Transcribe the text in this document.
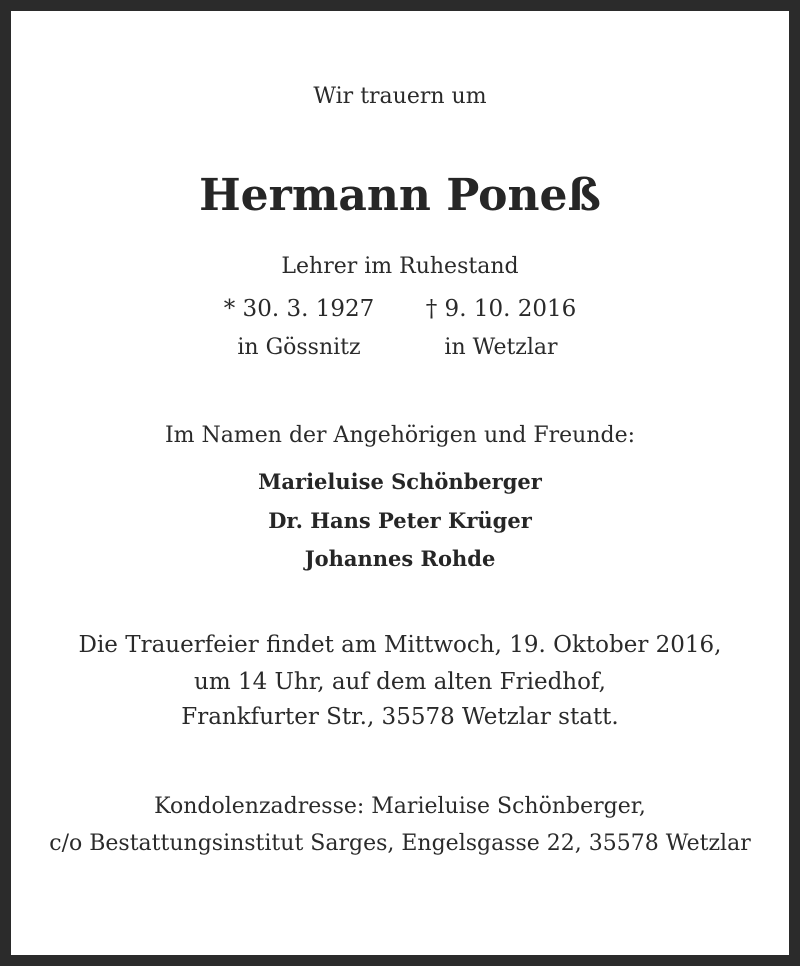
Wir trauern um
Hermann Poneß
Lehrer im Ruhestand
* 30. 3. 1927
in Gössnitz
† 9. 10. 2016
in Wetzlar
Im Namen der Angehörigen und Freunde:
Marieluise Schönberger
Dr. Hans Peter Krüger
Johannes Rohde
Die Trauerfeier findet am Mittwoch, 19. Oktober 2016,
um 14 Uhr, auf dem alten Friedhof,
Frankfurter Str., 35578 Wetzlar statt.
Kondolenzadresse: Marieluise Schönberger,
c/o Bestattungsinstitut Sarges, Engelsgasse 22, 35578 Wetzlar
